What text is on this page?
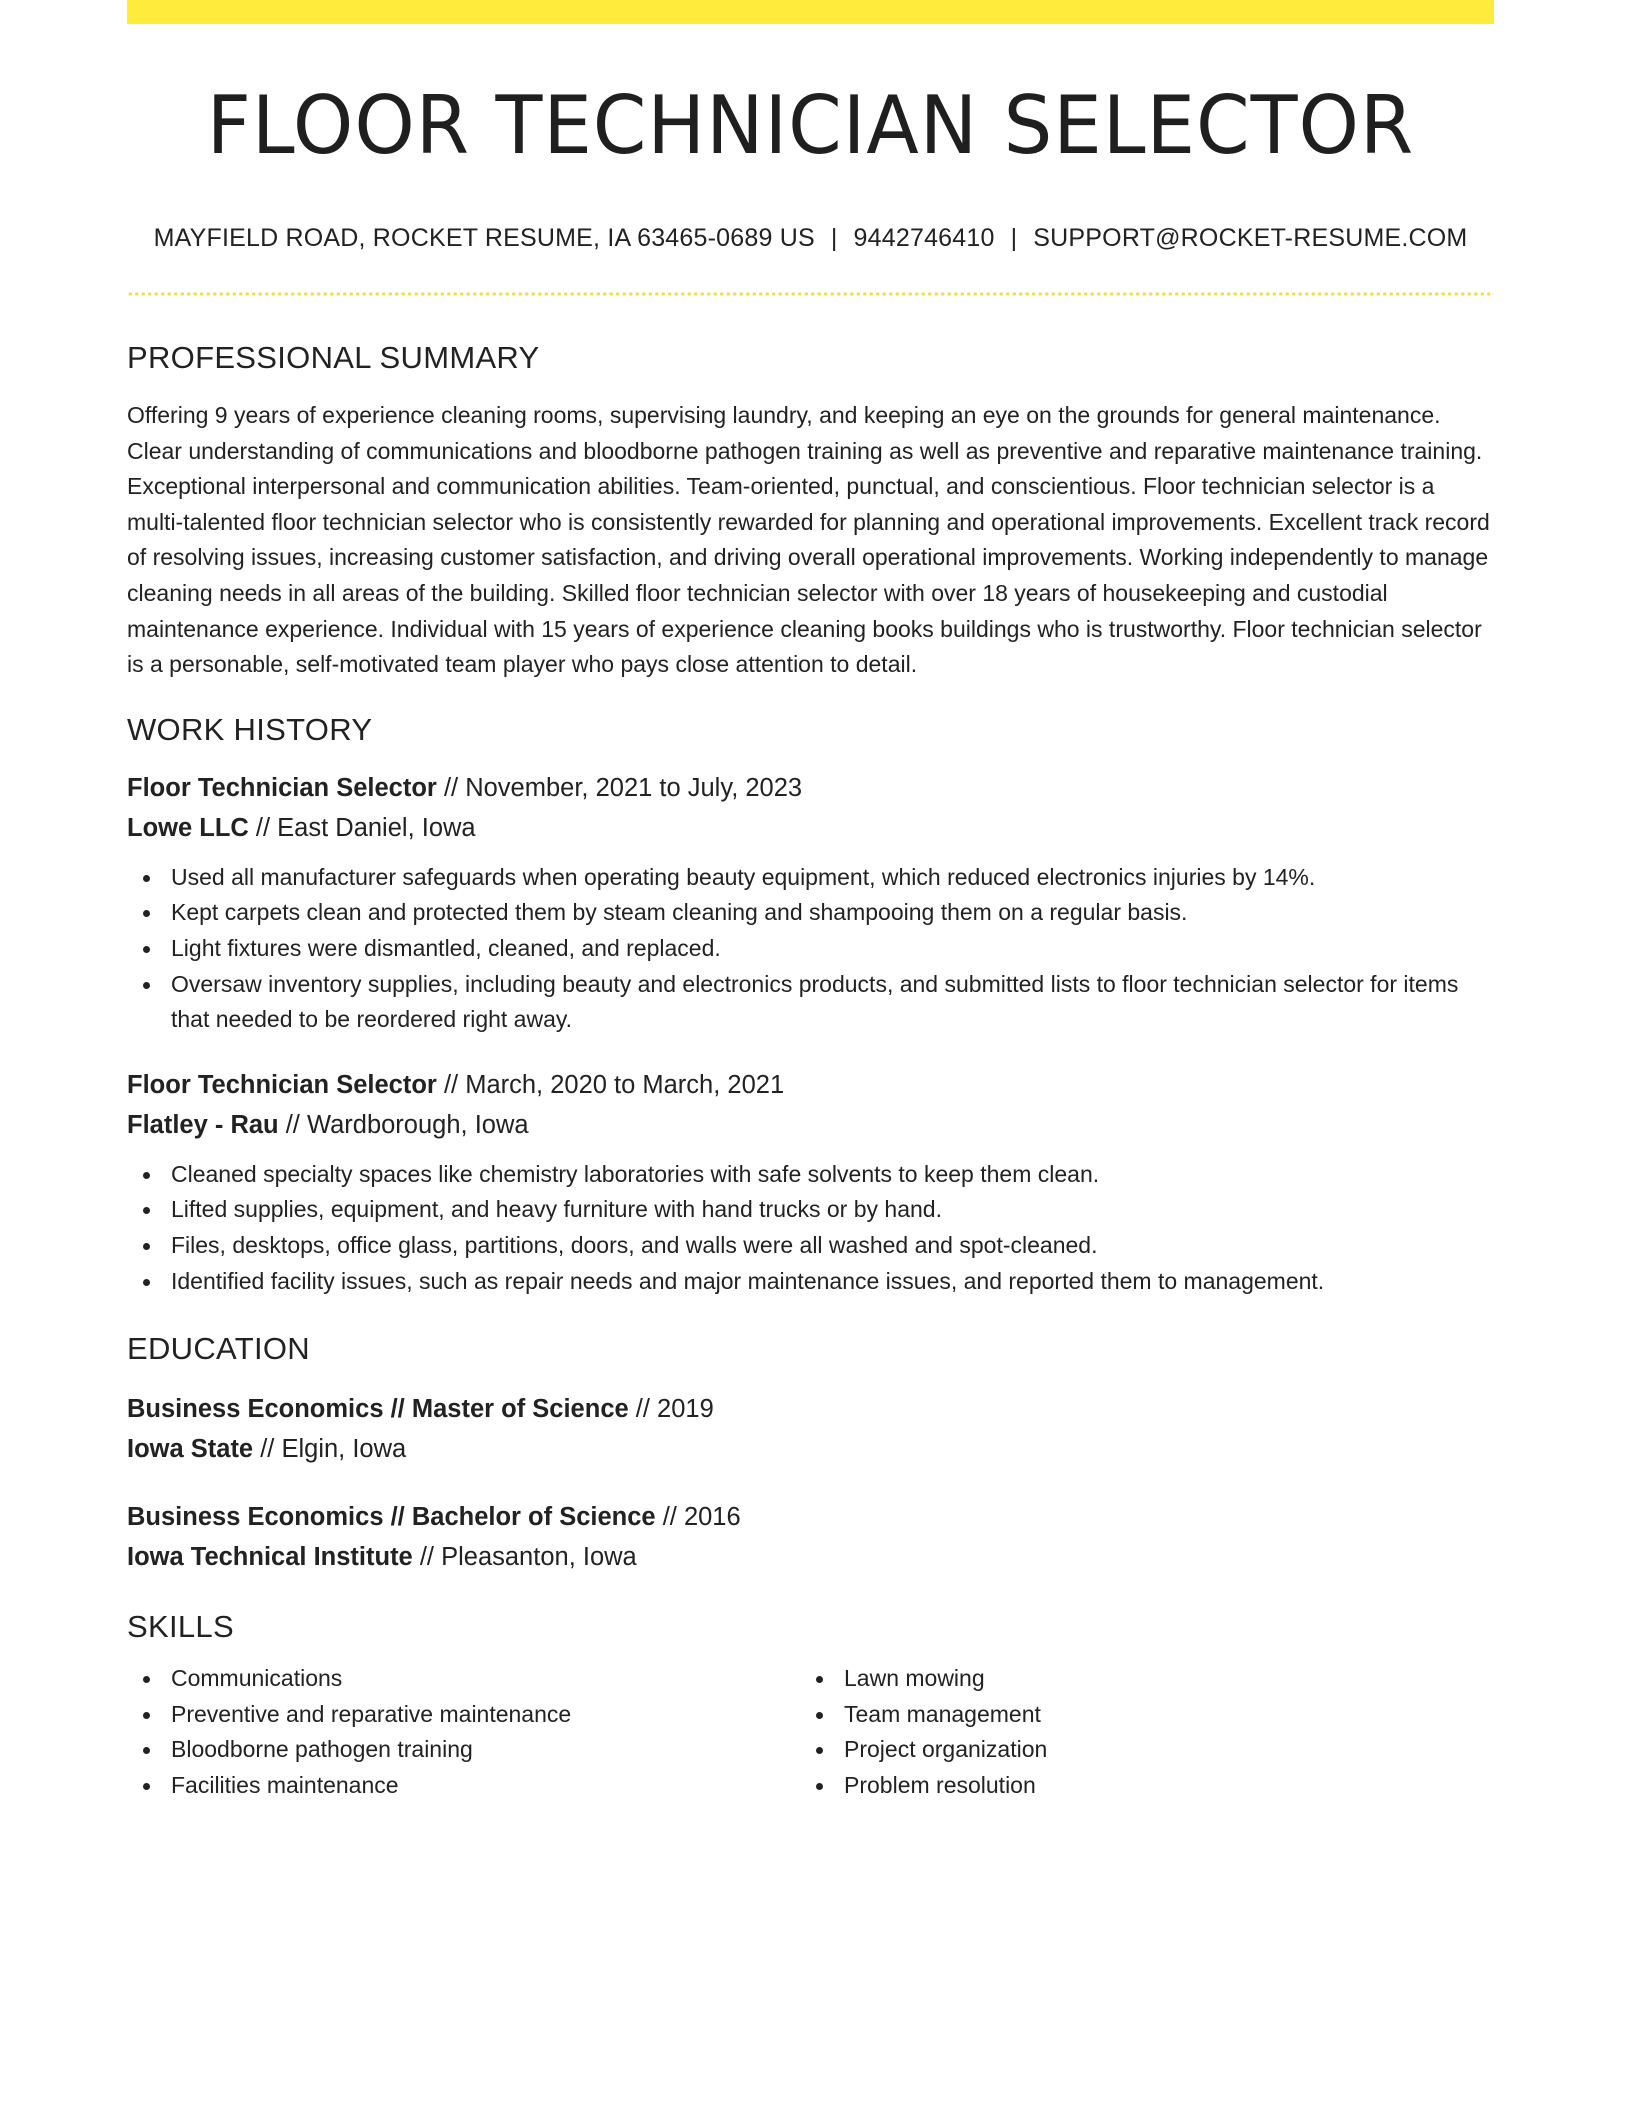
FLOOR TECHNICIAN SELECTOR
MAYFIELD ROAD, ROCKET RESUME, IA 63465-0689 US | 9442746410 | SUPPORT@ROCKET-RESUME.COM
PROFESSIONAL SUMMARY

Offering 9 years of experience cleaning rooms, supervising laundry, and keeping an eye on the grounds for general maintenance. Clear understanding of communications and bloodborne pathogen training as well as preventive and reparative maintenance training. Exceptional interpersonal and communication abilities. Team-oriented, punctual, and conscientious. Floor technician selector is a multi-talented floor technician selector who is consistently rewarded for planning and operational improvements. Excellent track record of resolving issues, increasing customer satisfaction, and driving overall operational improvements. Working independently to manage cleaning needs in all areas of the building. Skilled floor technician selector with over 18 years of housekeeping and custodial maintenance experience. Individual with 15 years of experience cleaning books buildings who is trustworthy. Floor technician selector is a personable, self-motivated team player who pays close attention to detail.

WORK HISTORY
Floor Technician Selector // November, 2021 to July, 2023
Lowe LLC // East Daniel, Iowa
Used all manufacturer safeguards when operating beauty equipment, which reduced electronics injuries by 14%.
Kept carpets clean and protected them by steam cleaning and shampooing them on a regular basis.
Light fixtures were dismantled, cleaned, and replaced.
Oversaw inventory supplies, including beauty and electronics products, and submitted lists to floor technician selector for items that needed to be reordered right away.
Floor Technician Selector // March, 2020 to March, 2021
Flatley - Rau // Wardborough, Iowa
Cleaned specialty spaces like chemistry laboratories with safe solvents to keep them clean.
Lifted supplies, equipment, and heavy furniture with hand trucks or by hand.
Files, desktops, office glass, partitions, doors, and walls were all washed and spot-cleaned.
Identified facility issues, such as repair needs and major maintenance issues, and reported them to management.
EDUCATION
Business Economics // Master of Science // 2019
Iowa State // Elgin, Iowa
Business Economics // Bachelor of Science // 2016
Iowa Technical Institute // Pleasanton, Iowa
SKILLS
Communications
Preventive and reparative maintenance
Bloodborne pathogen training
Facilities maintenance
Lawn mowing
Team management
Project organization
Problem resolution
